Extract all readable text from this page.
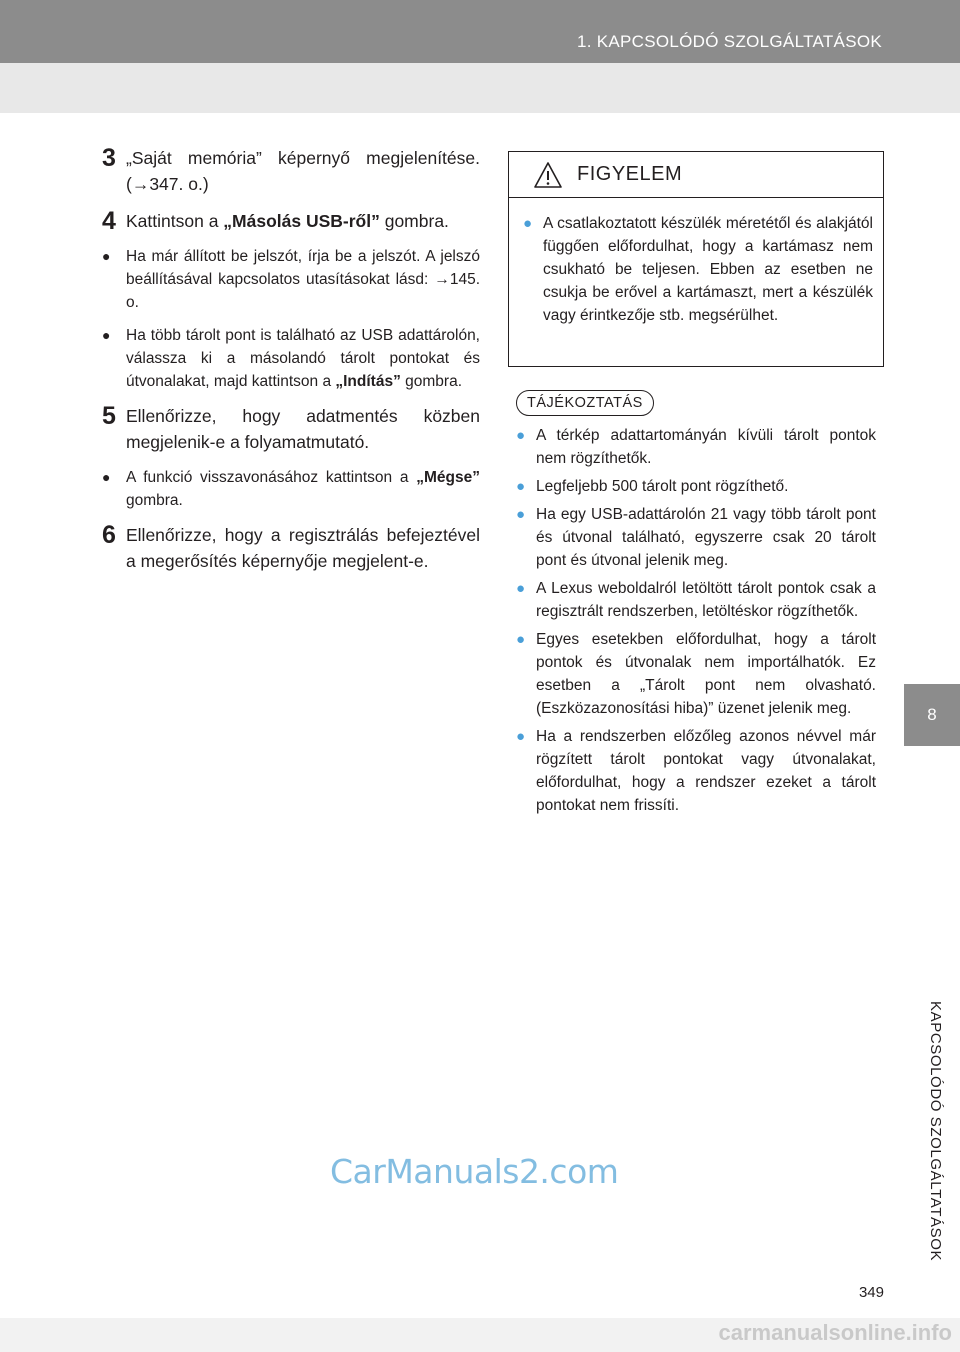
1. KAPCSOLÓDÓ SZOLGÁLTATÁSOK
8
KAPCSOLÓDÓ SZOLGÁLTATÁSOK
3 „Saját memória” képernyő megjelenítése. (→347. o.)
4 Kattintson a „Másolás USB-ről” gombra.
●	Ha már állított be jelszót, írja be a jelszót. A jelszó beállításával kapcsolatos utasításokat lásd: →145. o.
●	Ha több tárolt pont is található az USB adattárolón, válassza ki a másolandó tárolt pontokat és útvonalakat, majd kattintson a „Indítás” gombra.
5 Ellenőrizze, hogy adatmentés közben megjelenik-e a folyamatmutató.
●	A funkció visszavonásához kattintson a „Mégse” gombra.
6 Ellenőrizze, hogy a regisztrálás befejeztével a megerősítés képernyője megjelent-e.
FIGYELEM
● A csatlakoztatott készülék méretétől és alakjától függően előfordulhat, hogy a kartámasz nem csukható be teljesen. Ebben az esetben ne csukja be erővel a kartámaszt, mert a készülék vagy érintkezője stb. megsérülhet.
TÁJÉKOZTATÁS
● A térkép adattartományán kívüli tárolt pontok nem rögzíthetők.
● Legfeljebb 500 tárolt pont rögzíthető.
● Ha egy USB-adattárolón 21 vagy több tárolt pont és útvonal található, egyszerre csak 20 tárolt pont és útvonal jelenik meg.
● A Lexus weboldalról letöltött tárolt pontok csak a regisztrált rendszerben, letöltéskor rögzíthetők.
● Egyes esetekben előfordulhat, hogy a tárolt pontok és útvonalak nem importálhatók. Ez esetben a „Tárolt pont nem olvasható. (Eszközazonosítási hiba)” üzenet jelenik meg.
● Ha a rendszerben előzőleg azonos névvel már rögzített tárolt pontokat vagy útvonalakat, előfordulhat, hogy a rendszer ezeket a tárolt pontokat nem frissíti.
349
CarManuals2.com
carmanualsonline.info
